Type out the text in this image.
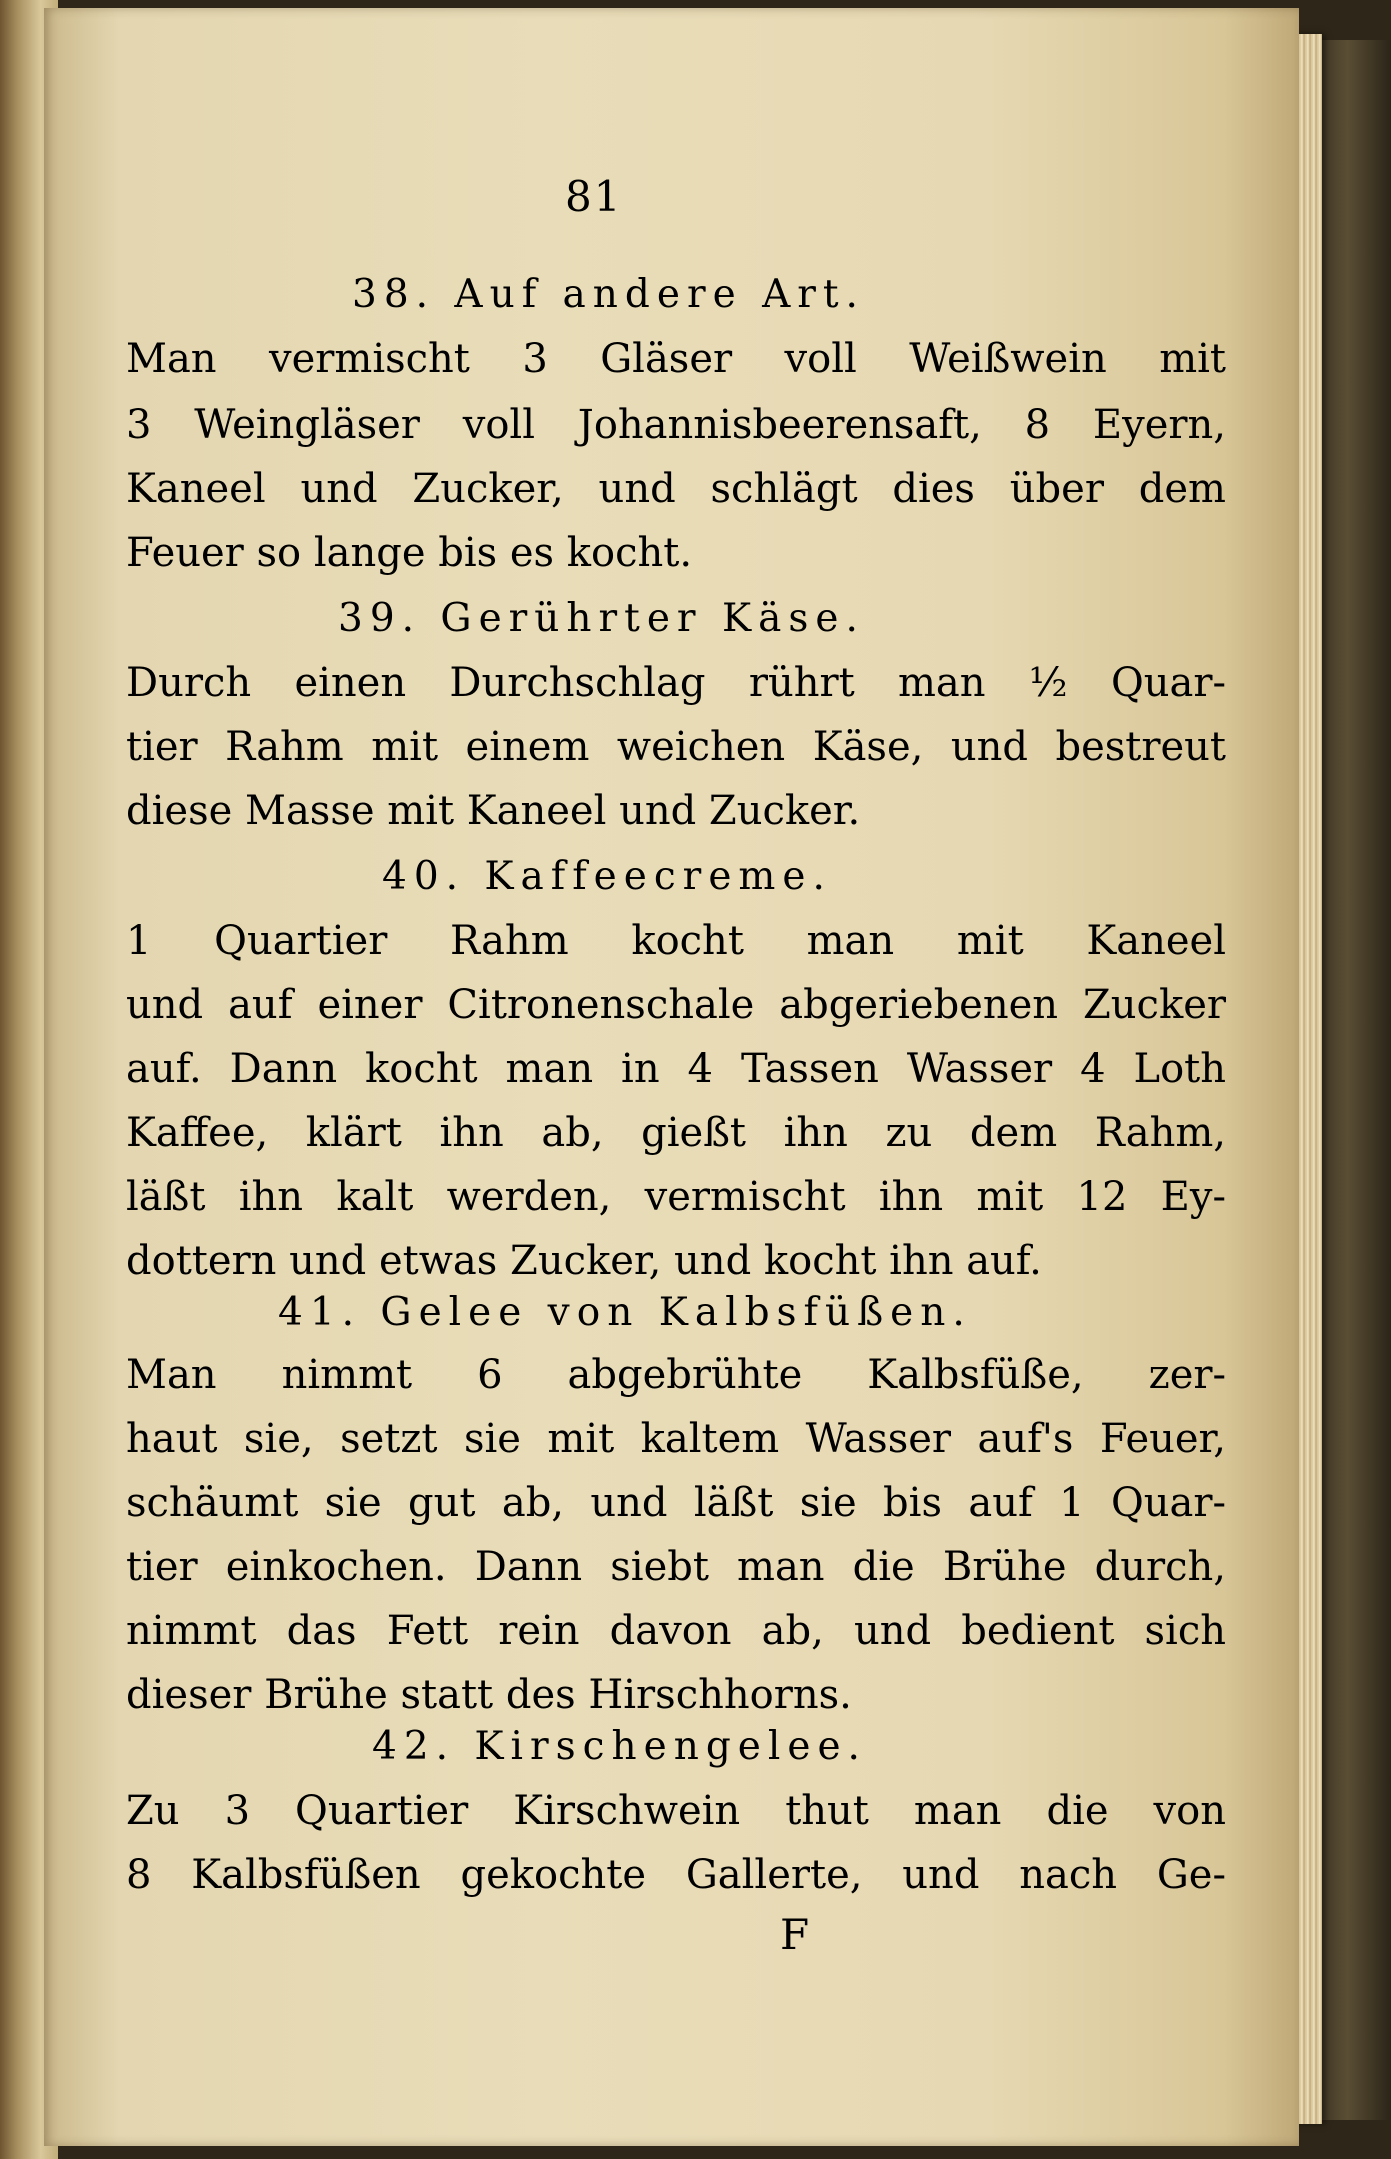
81
38. Auf andere Art.
Man vermischt 3 Gläser voll Weißwein mit
3 Weingläser voll Johannisbeerensaft, 8 Eyern,
Kaneel und Zucker, und schlägt dies über dem
Feuer so lange bis es kocht.
39. Gerührter Käse.
Durch einen Durchschlag rührt man ½ Quar-
tier Rahm mit einem weichen Käse, und bestreut
diese Masse mit Kaneel und Zucker.
40. Kaffeecreme.
1 Quartier Rahm kocht man mit Kaneel
und auf einer Citronenschale abgeriebenen Zucker
auf. Dann kocht man in 4 Tassen Wasser 4 Loth
Kaffee, klärt ihn ab, gießt ihn zu dem Rahm,
läßt ihn kalt werden, vermischt ihn mit 12 Ey-
dottern und etwas Zucker, und kocht ihn auf.
41. Gelee von Kalbsfüßen.
Man nimmt 6 abgebrühte Kalbsfüße, zer-
haut sie, setzt sie mit kaltem Wasser auf's Feuer,
schäumt sie gut ab, und läßt sie bis auf 1 Quar-
tier einkochen. Dann siebt man die Brühe durch,
nimmt das Fett rein davon ab, und bedient sich
dieser Brühe statt des Hirschhorns.
42. Kirschengelee.
Zu 3 Quartier Kirschwein thut man die von
8 Kalbsfüßen gekochte Gallerte, und nach Ge-
F
